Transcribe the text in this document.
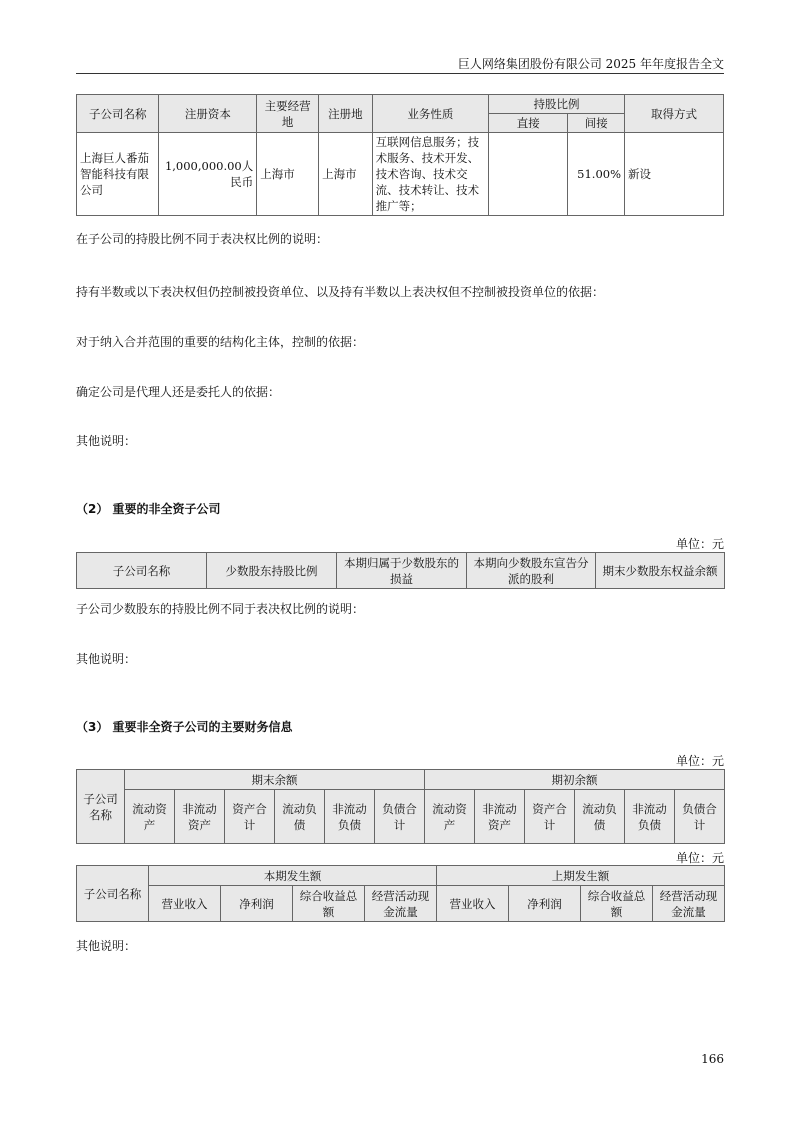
巨人网络集团股份有限公司 2025 年年度报告全文
子公司名称	注册资本	主要经营地	注册地	业务性质	持股比例		取得方式
					直接	间接	
上海巨人番茄智能科技有限公司	1,000,000.00人民币	上海市	上海市	互联网信息服务；技术服务、技术开发、技术咨询、技术交流、技术转让、技术推广等；		51.00%	新设
在子公司的持股比例不同于表决权比例的说明：
持有半数或以下表决权但仍控制被投资单位、以及持有半数以上表决权但不控制被投资单位的依据：
对于纳入合并范围的重要的结构化主体，控制的依据：
确定公司是代理人还是委托人的依据：
其他说明：
（2） 重要的非全资子公司
单位：元
子公司名称	少数股东持股比例	本期归属于少数股东的损益	本期向少数股东宣告分派的股利	期末少数股东权益余额
子公司少数股东的持股比例不同于表决权比例的说明：
其他说明：
（3） 重要非全资子公司的主要财务信息
单位：元
子公司名称	期末余额						期初余额					
	流动资产	非流动资产	资产合计	流动负债	非流动负债	负债合计	流动资产	非流动资产	资产合计	流动负债	非流动负债	负债合计
单位：元
子公司名称	本期发生额				上期发生额			
	营业收入	净利润	综合收益总额	经营活动现金流量	营业收入	净利润	综合收益总额	经营活动现金流量
其他说明：
166
